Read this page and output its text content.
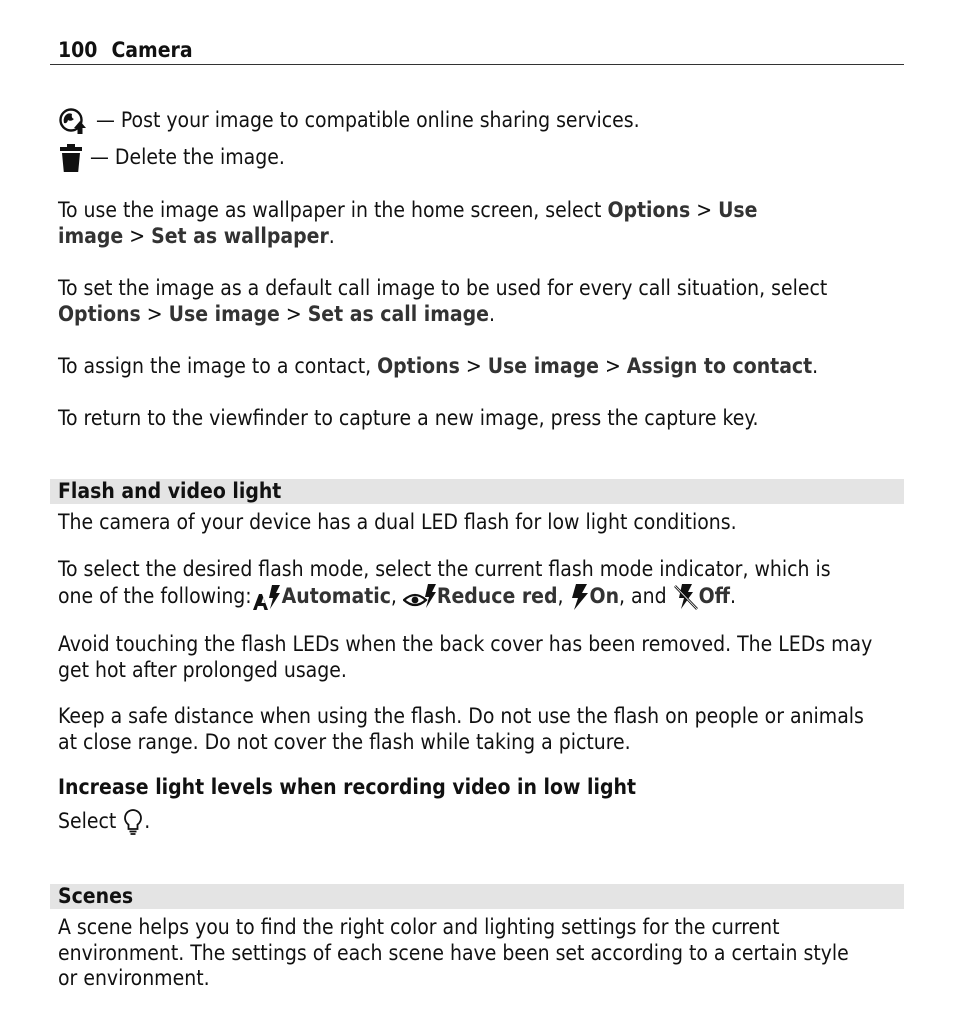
100 Camera
— Post your image to compatible online sharing services.
— Delete the image.
To use the image as wallpaper in the home screen, select Options > Use
image > Set as wallpaper.
To set the image as a default call image to be used for every call situation, select
Options > Use image > Set as call image.
To assign the image to a contact, Options > Use image > Assign to contact.
To return to the viewfinder to capture a new image, press the capture key.
Flash and video light
The camera of your device has a dual LED flash for low light conditions.
To select the desired flash mode, select the current flash mode indicator, which is
one of the following: Automatic,
Reduce red,
On, and
Off.
Avoid touching the flash LEDs when the back cover has been removed. The LEDs may
get hot after prolonged usage.
Keep a safe distance when using the flash. Do not use the flash on people or animals
at close range. Do not cover the flash while taking a picture.
Increase light levels when recording video in low light
Select
.
Scenes
A scene helps you to find the right color and lighting settings for the current
environment. The settings of each scene have been set according to a certain style
or environment.
